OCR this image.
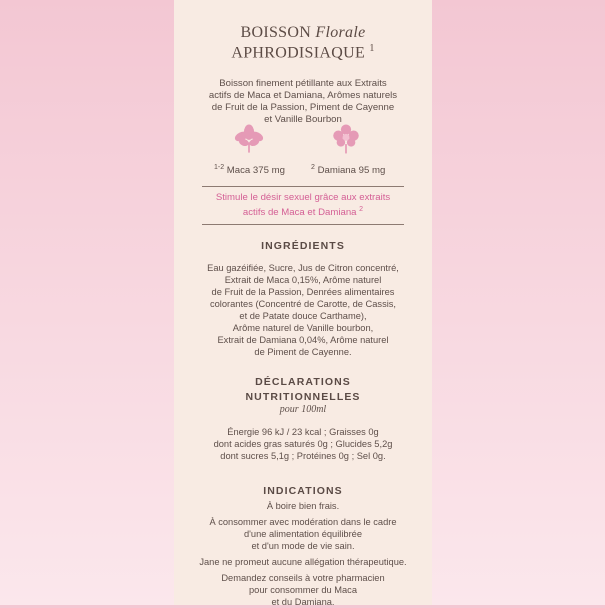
BOISSON Florale
APHRODISIAQUE $^1$
Boisson finement pétillante aux Extraits
actifs de Maca et Damiana, Arômes naturels
de Fruit de la Passion, Piment de Cayenne
et Vanille Bourbon
$^{1-2}$ Maca 375 mg	$^2$ Damiana 95 mg
Stimule le désir sexuel grâce aux extraits
actifs de Maca et Damiana $^2$
INGRÉDIENTS
Eau gazéifiée, Sucre, Jus de Citron concentré,
Extrait de Maca 0,15%, Arôme naturel
de Fruit de la Passion, Denrées alimentaires
colorantes (Concentré de Carotte, de Cassis,
et de Patate douce Carthame),
Arôme naturel de Vanille bourbon,
Extrait de Damiana 0,04%, Arôme naturel
de Piment de Cayenne.
DÉCLARATIONS
NUTRITIONNELLES
pour 100ml
Énergie 96 kJ / 23 kcal ; Graisses 0g
dont acides gras saturés 0g ; Glucides 5,2g
dont sucres 5,1g ; Protéines 0g ; Sel 0g.
INDICATIONS
À boire bien frais.
À consommer avec modération dans le cadre
d'une alimentation équilibrée
et d'un mode de vie sain.
Jane ne promeut aucune allégation thérapeutique.
Demandez conseils à votre pharmacien
pour consommer du Maca
et du Damiana.
